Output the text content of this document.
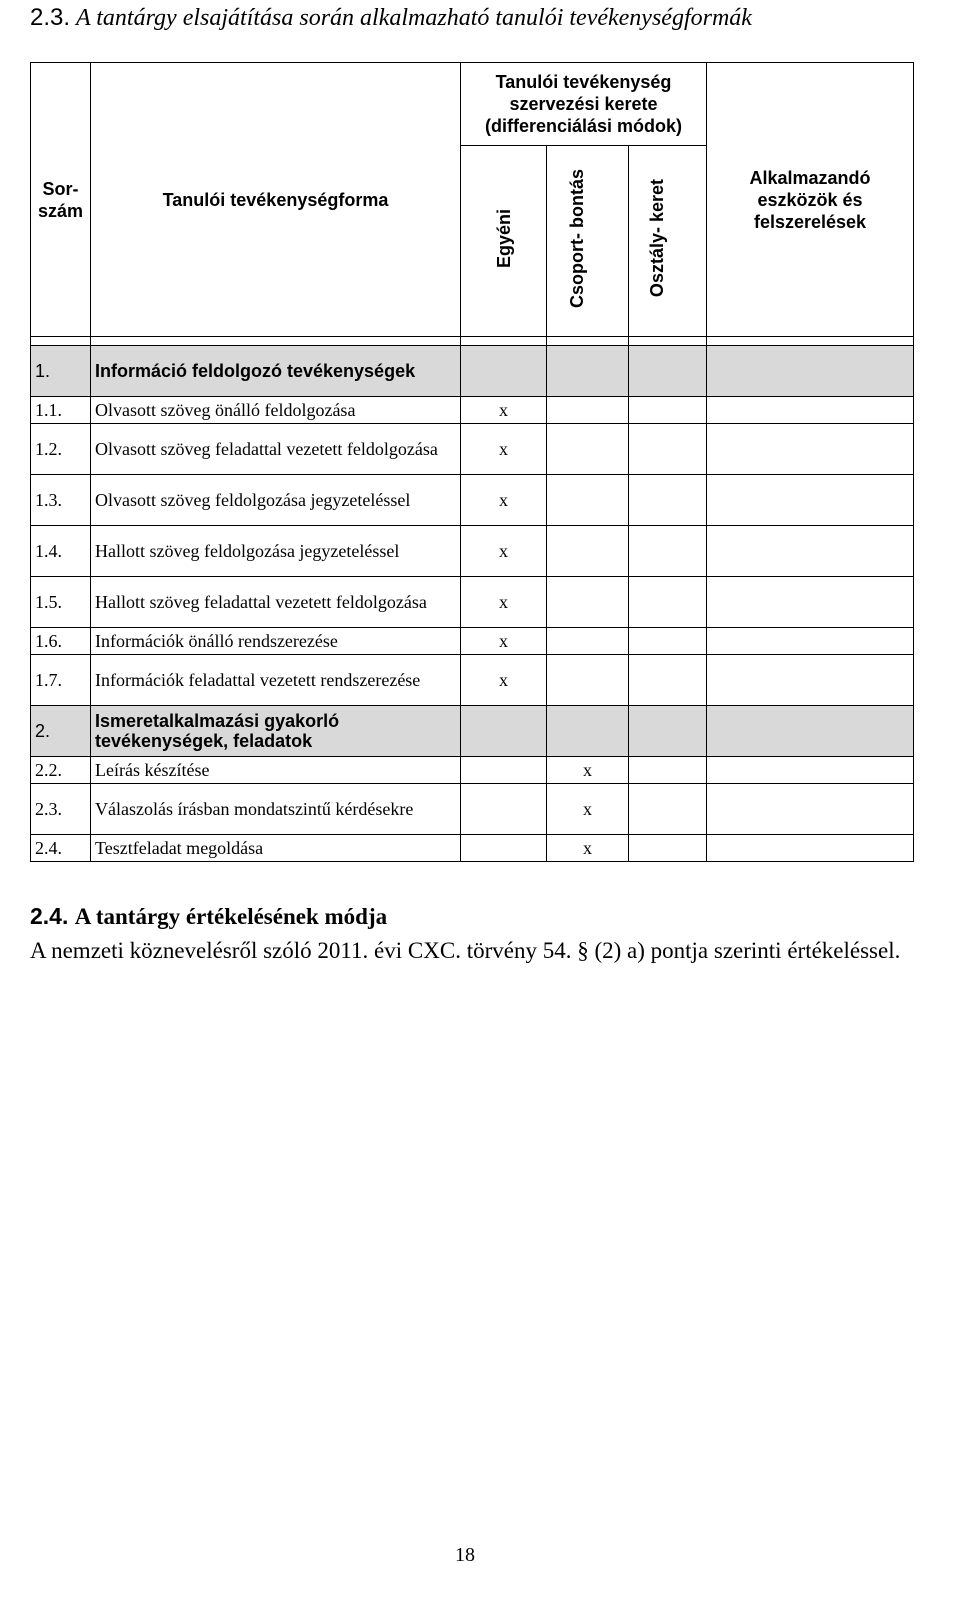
2.3. A tantárgy elsajátítása során alkalmazható tanulói tevékenységformák
Sor- szám	Tanulói tevékenységforma	Tanulói tevékenység szervezési kerete (differenciálási módok)			Alkalmazandó eszközök és felszerelések
		Egyéni	Csoport- bontás	Osztály- keret	

1.	Információ feldolgozó tevékenységek				
1.1.	Olvasott szöveg önálló feldolgozása	x			
1.2.	Olvasott szöveg feladattal vezetett feldolgozása	x			
1.3.	Olvasott szöveg feldolgozása jegyzeteléssel	x			
1.4.	Hallott szöveg feldolgozása jegyzeteléssel	x			
1.5.	Hallott szöveg feladattal vezetett feldolgozása	x			
1.6.	Információk önálló rendszerezése	x			
1.7.	Információk feladattal vezetett rendszerezése	x			
2.	Ismeretalkalmazási gyakorló tevékenységek, feladatok				
2.2.	Leírás készítése		x		
2.3.	Válaszolás írásban mondatszintű kérdésekre		x		
2.4.	Tesztfeladat megoldása		x		
2.4. A tantárgy értékelésének módja
A nemzeti köznevelésről szóló 2011. évi CXC. törvény 54. § (2) a) pontja szerinti értékeléssel.
18
